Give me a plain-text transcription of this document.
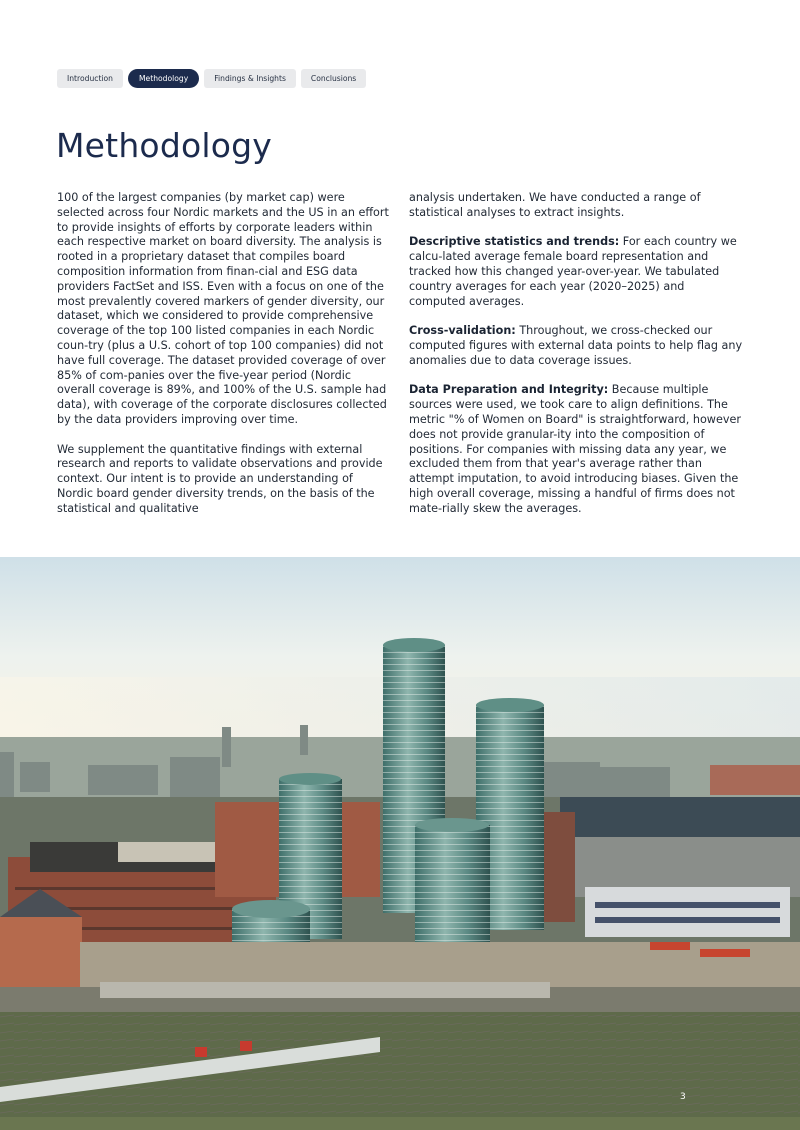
Introduction	Methodology	Findings & Insights	Conclusions
Methodology

100 of the largest companies (by market cap) were selected across four Nordic markets and the US in an effort to provide insights of efforts by corporate leaders within each respective market on board diversity. The analysis is rooted in a proprietary dataset that compiles board composition information from finan-cial and ESG data providers FactSet and ISS. Even with a focus on one of the most prevalently covered markers of gender diversity, our dataset, which we considered to provide comprehensive coverage of the top 100 listed companies in each Nordic coun-try (plus a U.S. cohort of top 100 companies) did not have full coverage. The dataset provided coverage of over 85% of com-panies over the five-year period (Nordic overall coverage is 89%, and 100% of the U.S. sample had data), with coverage of the corporate disclosures collected by the data providers improving over time.

We supplement the quantitative findings with external research and reports to validate observations and provide context. Our intent is to provide an understanding of Nordic board gender diversity trends, on the basis of the statistical and qualitative

analysis undertaken. We have conducted a range of statistical analyses to extract insights.

Descriptive statistics and trends: For each country we calcu-lated average female board representation and tracked how this changed year-over-year. We tabulated country averages for each year (2020–2025) and computed averages.

Cross-validation: Throughout, we cross-checked our computed figures with external data points to help flag any anomalies due to data coverage issues.

Data Preparation and Integrity: Because multiple sources were used, we took care to align definitions. The metric "% of Women on Board" is straightforward, however does not provide granular-ity into the composition of positions. For companies with missing data any year, we excluded them from that year's average rather than attempt imputation, to avoid introducing biases. Given the high overall coverage, missing a handful of firms does not mate-rially skew the averages.

3
